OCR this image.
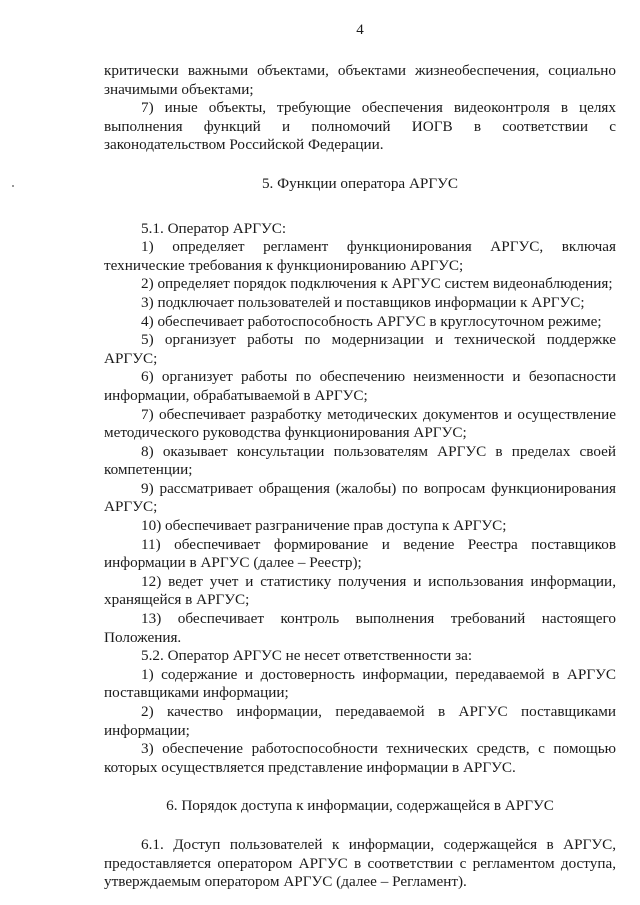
4

критически важными объектами, объектами жизнеобеспечения, социально значимыми объектами;

7) иные объекты, требующие обеспечения видеоконтроля в целях выполнения функций и полномочий ИОГВ в соответствии с законодательством Российской Федерации.

5. Функции оператора АРГУС

5.1. Оператор АРГУС:

1) определяет регламент функционирования АРГУС, включая технические требования к функционированию АРГУС;

2) определяет порядок подключения к АРГУС систем видеонаблюдения;

3) подключает пользователей и поставщиков информации к АРГУС;

4) обеспечивает работоспособность АРГУС в круглосуточном режиме;

5) организует работы по модернизации и технической поддержке АРГУС;

6) организует работы по обеспечению неизменности и безопасности информации, обрабатываемой в АРГУС;

7) обеспечивает разработку методических документов и осуществление методического руководства функционирования АРГУС;

8) оказывает консультации пользователям АРГУС в пределах своей компетенции;

9) рассматривает обращения (жалобы) по вопросам функционирования АРГУС;

10) обеспечивает разграничение прав доступа к АРГУС;

11) обеспечивает формирование и ведение Реестра поставщиков информации в АРГУС (далее – Реестр);

12) ведет учет и статистику получения и использования информации, хранящейся в АРГУС;

13) обеспечивает контроль выполнения требований настоящего Положения.

5.2. Оператор АРГУС не несет ответственности за:

1) содержание и достоверность информации, передаваемой в АРГУС поставщиками информации;

2) качество информации, передаваемой в АРГУС поставщиками информации;

3) обеспечение работоспособности технических средств, с помощью которых осуществляется представление информации в АРГУС.

6. Порядок доступа к информации, содержащейся в АРГУС

6.1. Доступ пользователей к информации, содержащейся в АРГУС, предоставляется оператором АРГУС в соответствии с регламентом доступа, утверждаемым оператором АРГУС (далее – Регламент).
